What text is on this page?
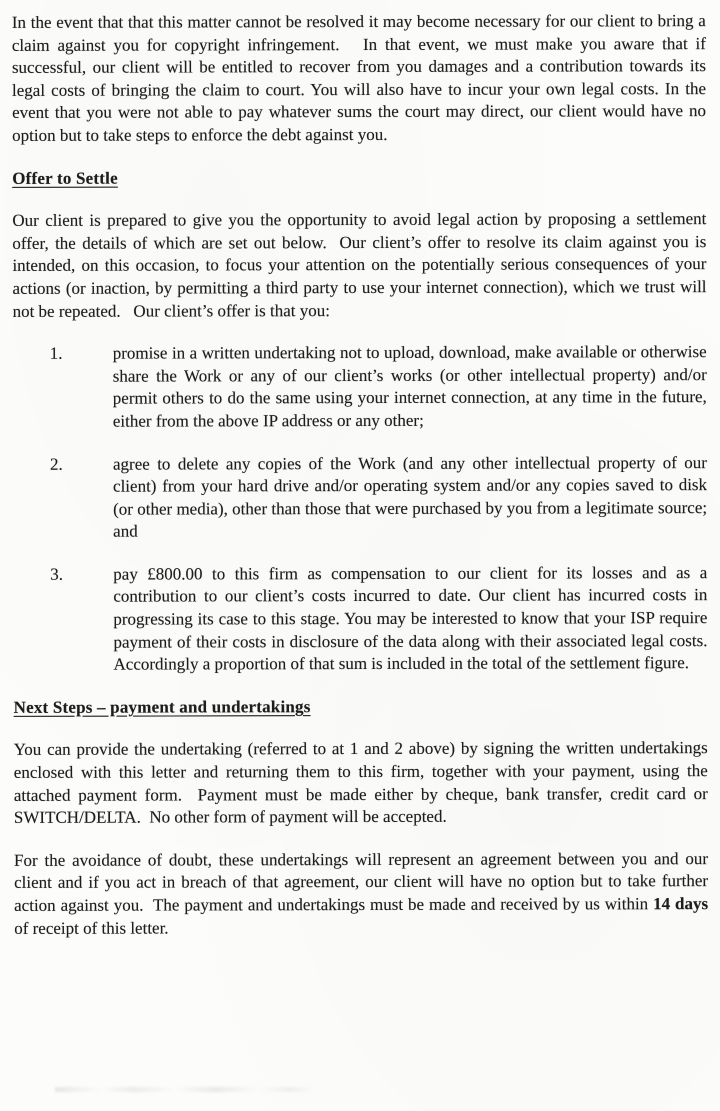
In the event that that this matter cannot be resolved it may become necessary for our client to bring a claim against you for copyright infringement.   In that event, we must make you aware that if successful, our client will be entitled to recover from you damages and a contribution towards its legal costs of bringing the claim to court. You will also have to incur your own legal costs. In the event that you were not able to pay whatever sums the court may direct, our client would have no option but to take steps to enforce the debt against you.

Offer to Settle

Our client is prepared to give you the opportunity to avoid legal action by proposing a settlement offer, the details of which are set out below.  Our client’s offer to resolve its claim against you is intended, on this occasion, to focus your attention on the potentially serious consequences of your actions (or inaction, by permitting a third party to use your internet connection), which we trust will not be repeated.   Our client’s offer is that you:

1.	promise in a written undertaking not to upload, download, make available or otherwise share the Work or any of our client’s works (or other intellectual property) and/or permit others to do the same using your internet connection, at any time in the future, either from the above IP address or any other;
2.	agree to delete any copies of the Work (and any other intellectual property of our client) from your hard drive and/or operating system and/or any copies saved to disk (or other media), other than those that were purchased by you from a legitimate source; and
3.	pay £800.00 to this firm as compensation to our client for its losses and as a contribution to our client’s costs incurred to date. Our client has incurred costs in progressing its case to this stage. You may be interested to know that your ISP require payment of their costs in disclosure of the data along with their associated legal costs. Accordingly a proportion of that sum is included in the total of the settlement figure.
Next Steps – payment and undertakings

You can provide the undertaking (referred to at 1 and 2 above) by signing the written undertakings enclosed with this letter and returning them to this firm, together with your payment, using the attached payment form.  Payment must be made either by cheque, bank transfer, credit card or SWITCH/DELTA.  No other form of payment will be accepted.

For the avoidance of doubt, these undertakings will represent an agreement between you and our client and if you act in breach of that agreement, our client will have no option but to take further action against you.  The payment and undertakings must be made and received by us within 14 days of receipt of this letter.
